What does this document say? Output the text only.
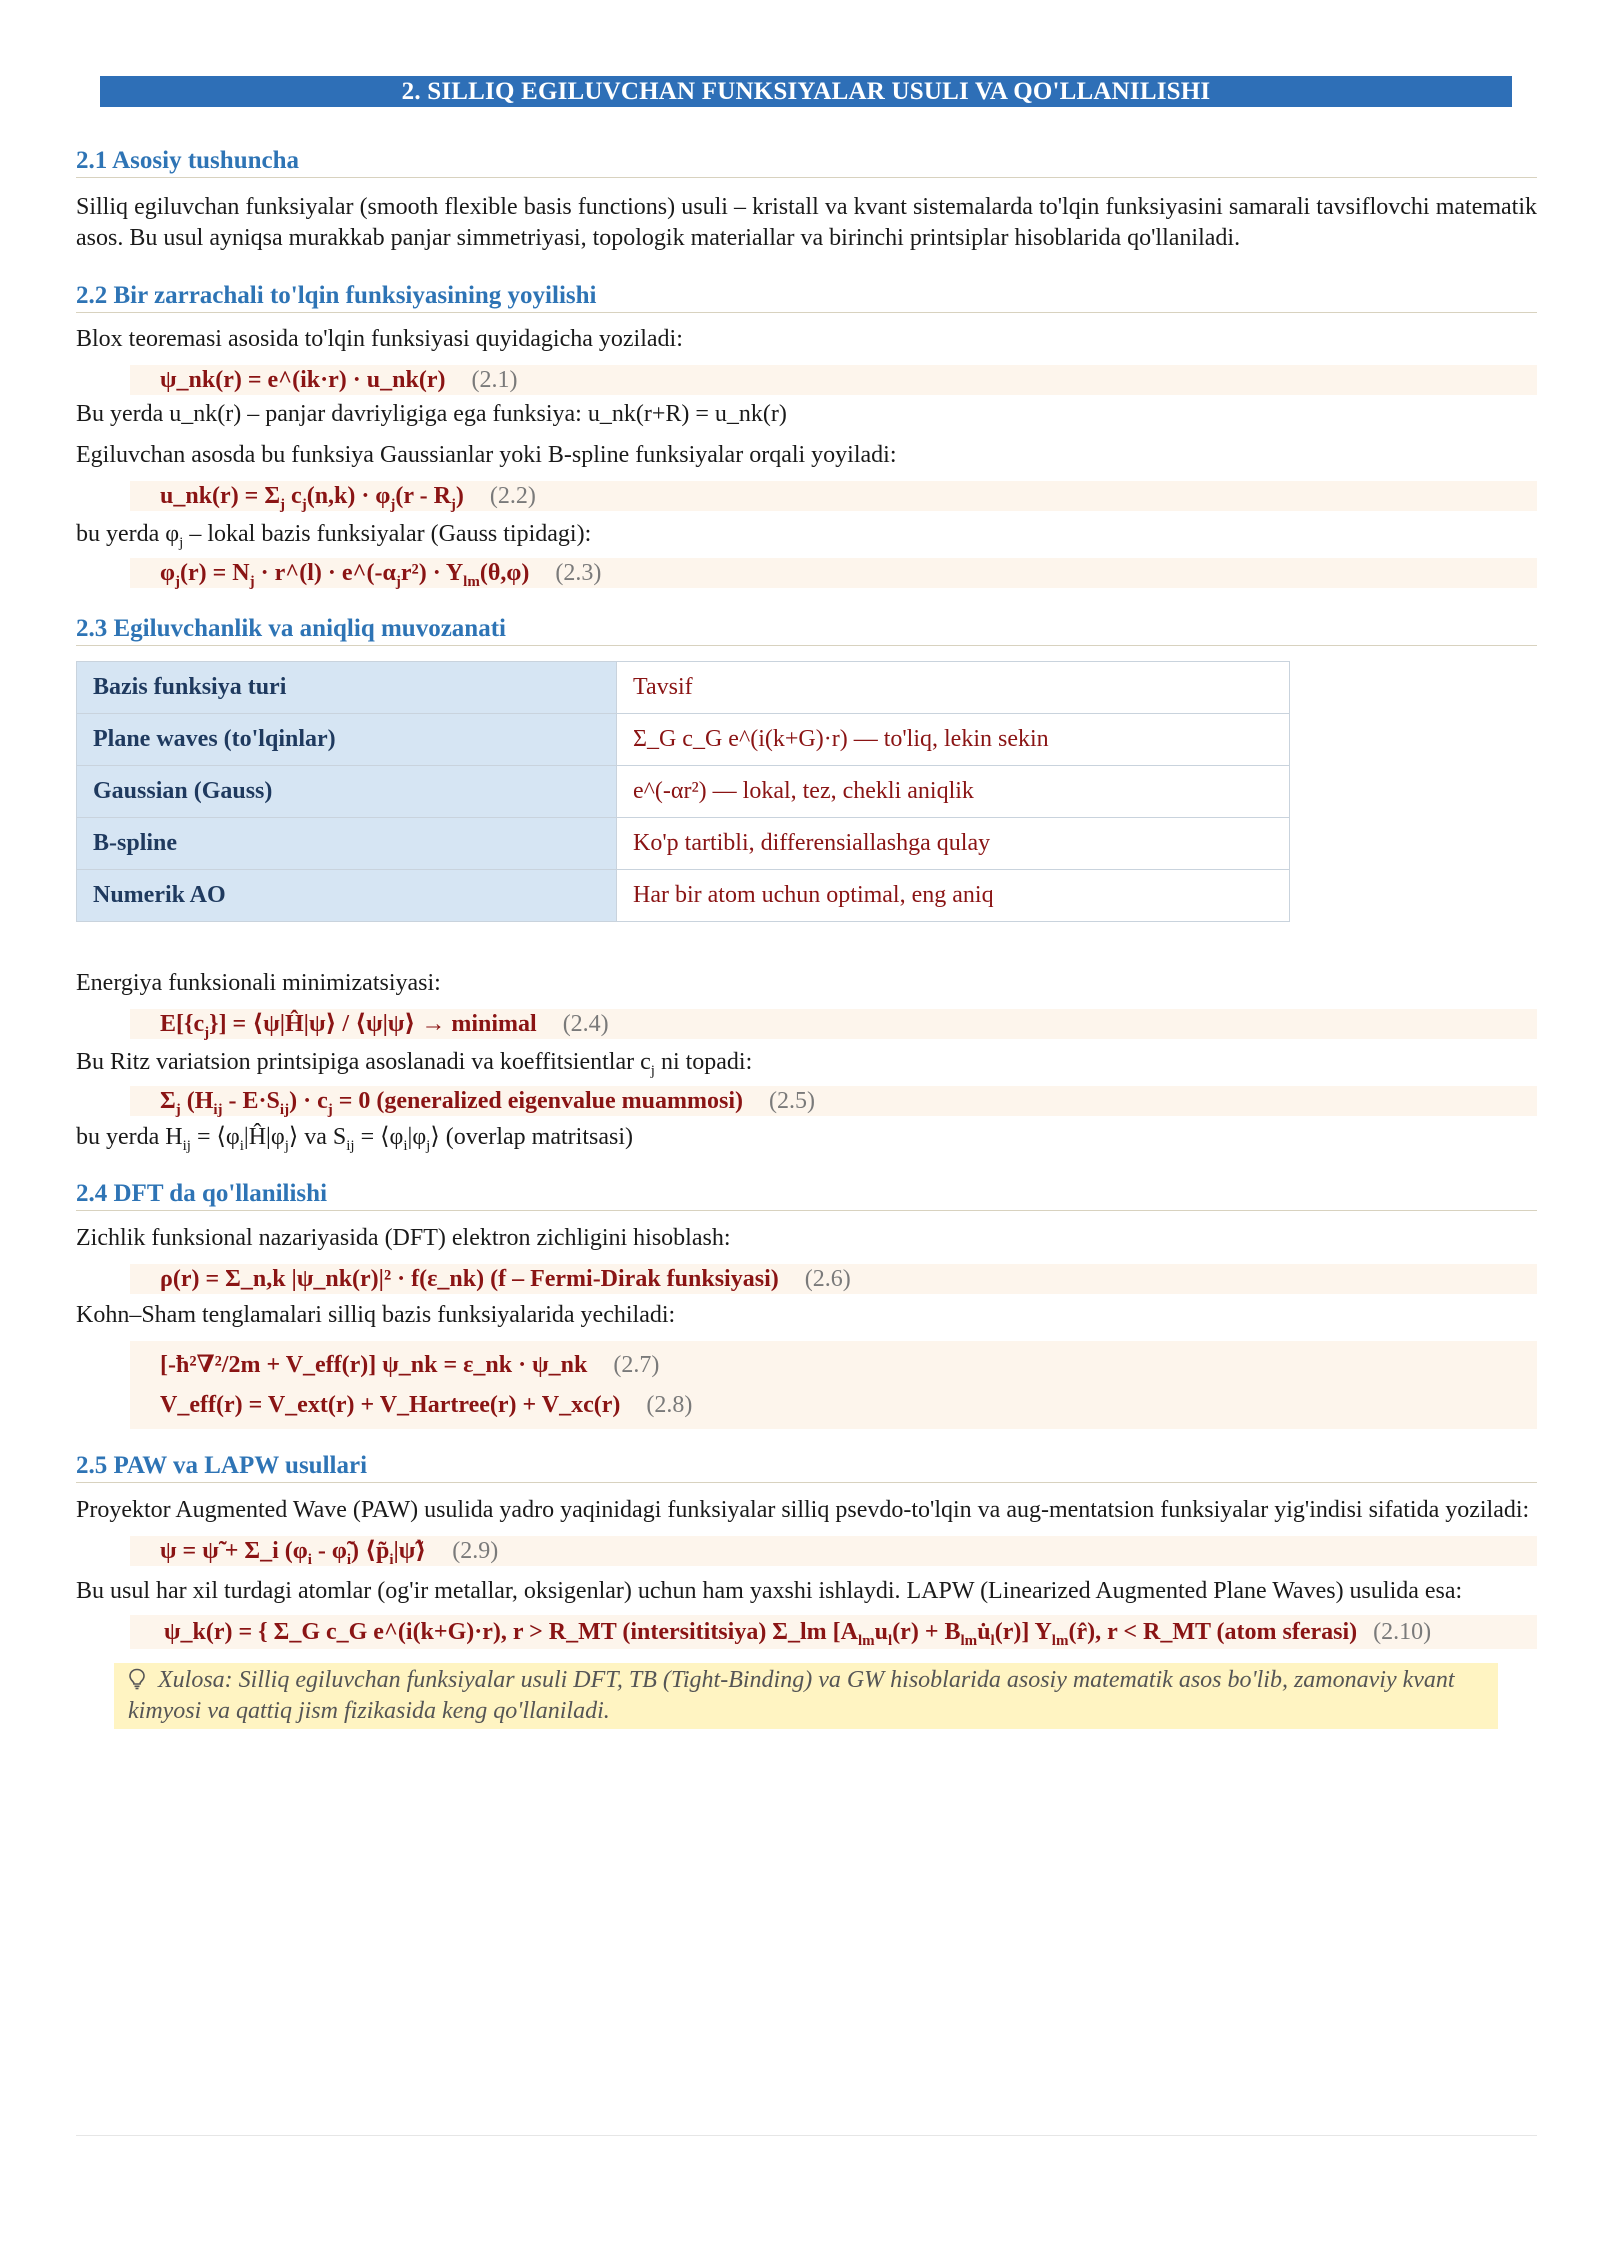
2. SILLIQ EGILUVCHAN FUNKSIYALAR USULI VA QO'LLANILISHI
2.1 Asosiy tushuncha

Silliq egiluvchan funksiyalar (smooth flexible basis functions) usuli – kristall va kvant sistemalarda to'lqin funksiyasini samarali tavsiflovchi matematik asos. Bu usul ayniqsa murakkab panjar simmetriyasi, topologik materiallar va birinchi printsiplar hisoblarida qo'llaniladi.

2.2 Bir zarrachali to'lqin funksiyasining yoyilishi

Blox teoremasi asosida to'lqin funksiyasi quyidagicha yoziladi:

ψ_nk(r) = e^(ik·r) · u_nk(r) (2.1)

Bu yerda u_nk(r) – panjar davriyligiga ega funksiya: u_nk(r+R) = u_nk(r)

Egiluvchan asosda bu funksiya Gaussianlar yoki B-spline funksiyalar orqali yoyiladi:

u_nk(r) = $\Sigma_j$ $c_j(n,k) \cdot \varphi_j(r - R_j)$ (2.2)

bu yerda $\varphi_j$ – lokal bazis funksiyalar (Gauss tipidagi):

$\varphi_j(r) = N_j$ · r^(l) · $e\^{}(-\alpha_jr^2) \cdot Y_{lm}(\theta,\varphi)$ (2.3)
2.3 Egiluvchanlik va aniqliq muvozanati
Bazis funksiya turi	Tavsif
Plane waves (to'lqinlar)	Σ_G c_G e^(i(k+G)·r) — to'liq, lekin sekin
Gaussian (Gauss)	e^(-αr²) — lokal, tez, chekli aniqlik
B-spline	Ko'p tartibli, differensiallashga qulay
Numerik AO	Har bir atom uchun optimal, eng aniq

Energiya funksionali minimizatsiyasi:

$E[\{c_j\}]$ = ⟨ψ|Ĥ|ψ⟩ / ⟨ψ|ψ⟩ → minimal (2.4)

Bu Ritz variatsion printsipiga asoslanadi va koeffitsientlar $c_j$ ni topadi:

$\Sigma_j$ $(H_{ij} - E\cdot S_{ij}) \cdot c_j = 0$ (generalized eigenvalue muammosi) (2.5)

bu yerda $H_{ij}$ = $⟨\varphi_i|Ĥ|\varphi_j⟩$ va $S_{ij}$ = $⟨\varphi_i|\varphi_j⟩$ (overlap matritsasi)

2.4 DFT da qo'llanilishi

Zichlik funksional nazariyasida (DFT) elektron zichligini hisoblash:

ρ(r) = Σ_n,k |ψ_nk(r)|² · f(ε_nk) (f – Fermi-Dirak funksiyasi) (2.6)

Kohn–Sham tenglamalari silliq bazis funksiyalarida yechiladi:

[-ħ²∇²/2m + V_eff(r)] ψ_nk = ε_nk · ψ_nk (2.7)
V_eff(r) = V_ext(r) + V_Hartree(r) + V_xc(r) (2.8)
2.5 PAW va LAPW usullari

Proyektor Augmented Wave (PAW) usulida yadro yaqinidagi funksiyalar silliq psevdo-to'lqin va aug-mentatsion funksiyalar yig'indisi sifatida yoziladi:

ψ = ψ̃ + Σ_i ($\varphi_i$ - $\varphĩ_i$) $⟨p̃_i|\psĩ⟩$ (2.9)

Bu usul har xil turdagi atomlar (og'ir metallar, oksigenlar) uchun ham yaxshi ishlaydi. LAPW (Linearized Augmented Plane Waves) usulida esa:

ψ_k(r) = { Σ_G c_G e^(i(k+G)·r), r > R_MT (intersititsiya) Σ_lm [$A_{lm}u_l(r)$ + $B_{lm}u̇_l(r)$] $Y_{lm}(r̂)$, r < R_MT (atom sferasi) (2.10)
Xulosa: Silliq egiluvchan funksiyalar usuli DFT, TB (Tight-Binding) va GW hisoblarida asosiy matematik asos bo'lib, zamonaviy kvant kimyosi va qattiq jism fizikasida keng qo'llaniladi.
